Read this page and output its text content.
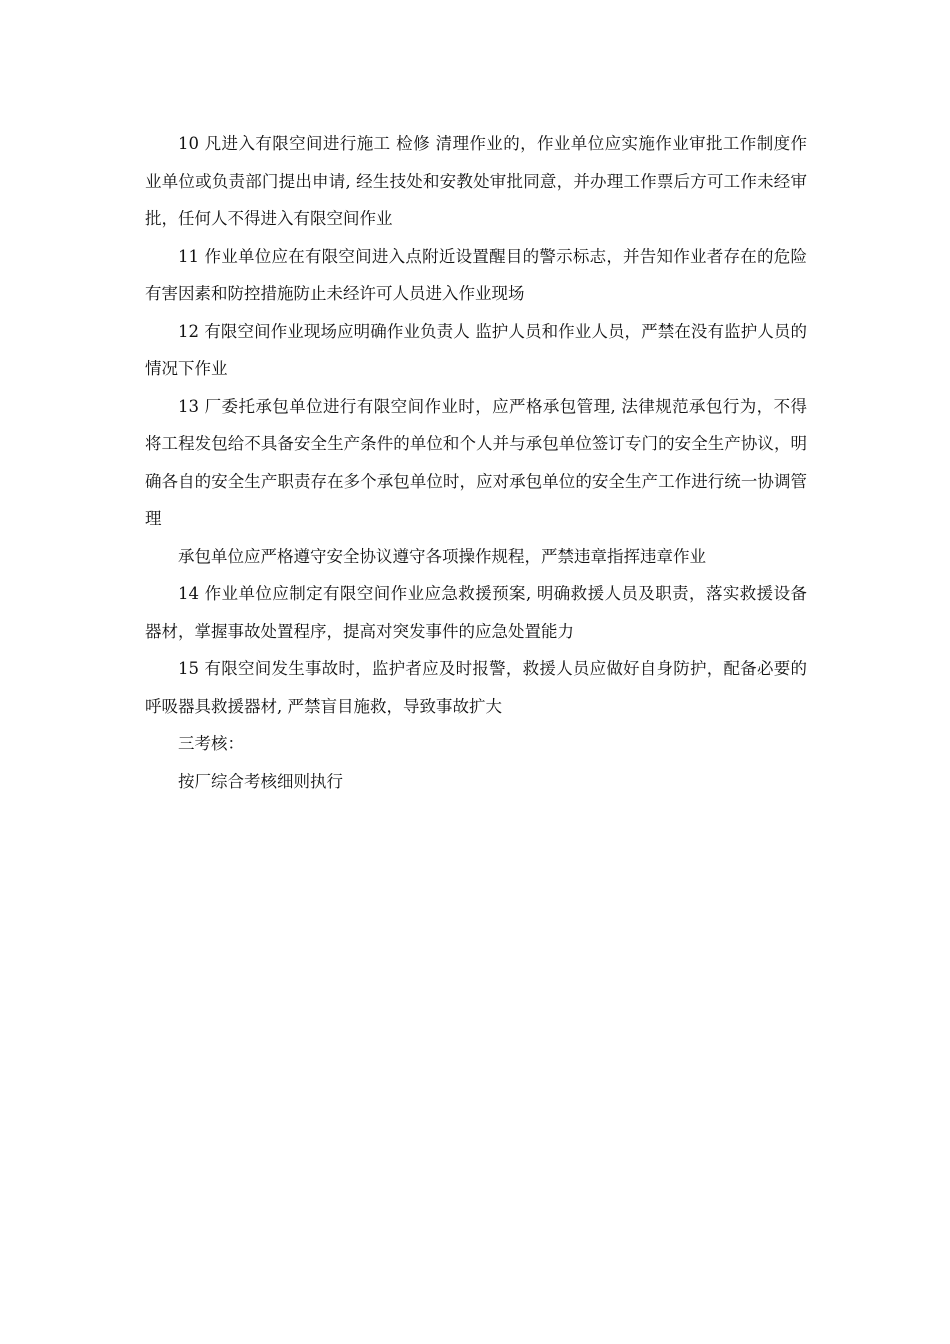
10 凡进入有限空间进行施工 检修 清理作业的，作业单位应实施作业审批工作制度作业单位或负责部门提出申请, 经生技处和安教处审批同意，并办理工作票后方可工作未经审批，任何人不得进入有限空间作业

11 作业单位应在有限空间进入点附近设置醒目的警示标志，并告知作业者存在的危险有害因素和防控措施防止未经许可人员进入作业现场

12 有限空间作业现场应明确作业负责人 监护人员和作业人员，严禁在没有监护人员的情况下作业

13 厂委托承包单位进行有限空间作业时，应严格承包管理, 法律规范承包行为，不得将工程发包给不具备安全生产条件的单位和个人并与承包单位签订专门的安全生产协议，明确各自的安全生产职责存在多个承包单位时，应对承包单位的安全生产工作进行统一协调管理

承包单位应严格遵守安全协议遵守各项操作规程，严禁违章指挥违章作业

14 作业单位应制定有限空间作业应急救援预案, 明确救援人员及职责，落实救援设备器材，掌握事故处置程序，提高对突发事件的应急处置能力

15 有限空间发生事故时，监护者应及时报警，救援人员应做好自身防护，配备必要的呼吸器具救援器材, 严禁盲目施救，导致事故扩大

三考核：

按厂综合考核细则执行
